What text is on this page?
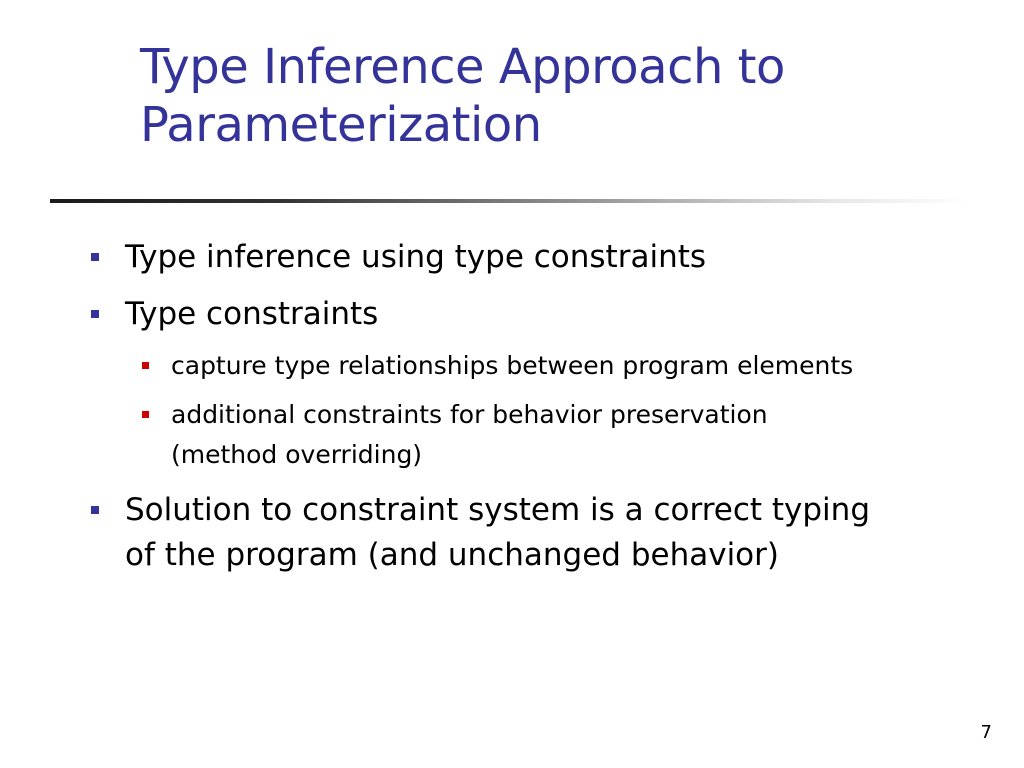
Type Inference Approach to
Parameterization
Type inference using type constraints
Type constraints
capture type relationships between program elements
additional constraints for behavior preservation
(method overriding)
Solution to constraint system is a correct typing
of the program (and unchanged behavior)
7
